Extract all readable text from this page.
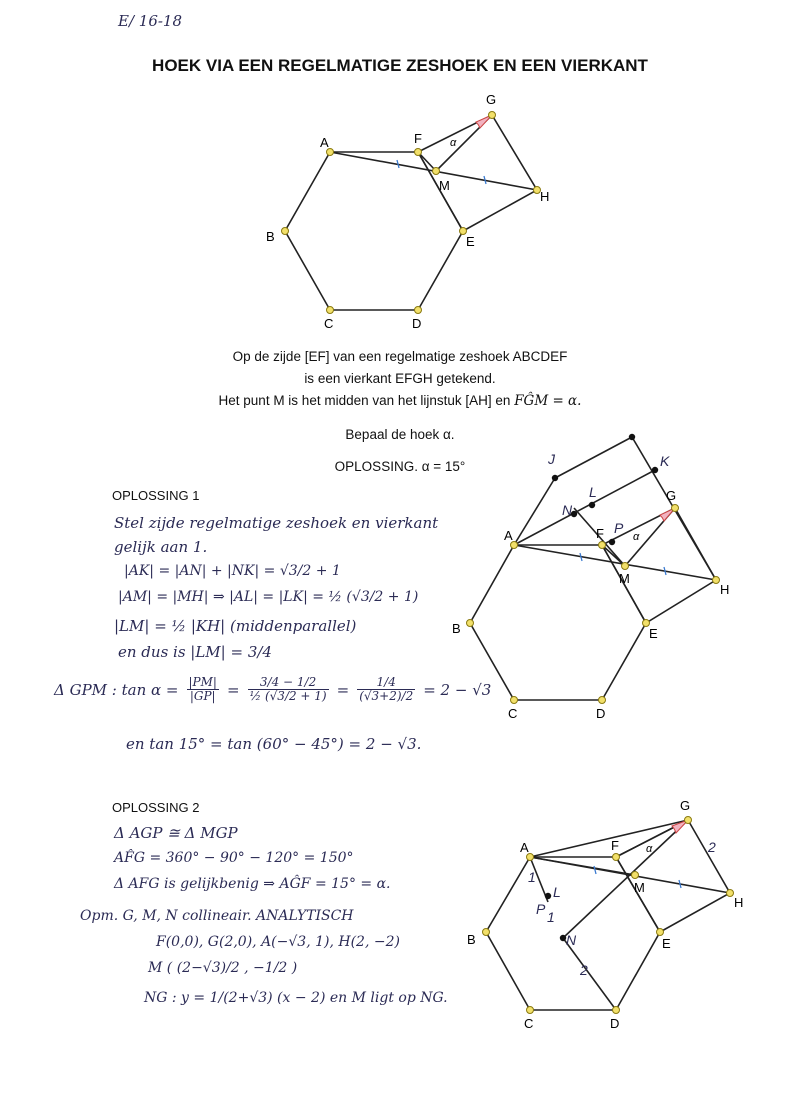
E/ 16-18
HOEK VIA EEN REGELMATIGE ZESHOEK EN EEN VIERKANT
α
A
B
C	D
E
F
G
H
M
Op de zijde [EF] van een regelmatige zeshoek ABCDEF
is een vierkant EFGH getekend.
Het punt M is het midden van het lijnstuk [AH] en FĜM = α.
Bepaal de hoek α.
OPLOSSING. α = 15°
α
A
B
C	D
E
F
G
H
M
J	K
L
N
P
OPLOSSING 1
Stel zijde regelmatige zeshoek en vierkant
gelijk aan 1.
|AK| = |AN| + |NK| = √3/2 + 1
|AM| = |MH| ⇒ |AL| = |LK| = ½ (√3/2 + 1)
|LM| = ½ |KH| (middenparallel)
en dus is |LM| = 3/4
Δ GPM : $\tan \alpha = \frac{|PM|}{|GP|} = \frac{3/4 - 1/2}{\text{½ (√3/2 + 1)}} = \frac{1/4}{(√3+2)/2} = 2 - √3$
en tan 15° = tan (60° − 45°) = 2 − √3.
OPLOSSING 2
Δ AGP ≅ Δ MGP
AF̂G = 360° − 90° − 120° = 150°
Δ AFG is gelijkbenig ⇒ AĜF = 15° = α.
Opm. G, M, N collineair. ANALYTISCH
F(0,0), G(2,0), A(−√3, 1), H(2, −2)
M ( (2−√3)/2 , −1/2 )
NG : y = 1/(2+√3) (x − 2) en M ligt op NG.
α
A
B
C	D
E
F
G
H
M
N
P
L
2
2
1
1
